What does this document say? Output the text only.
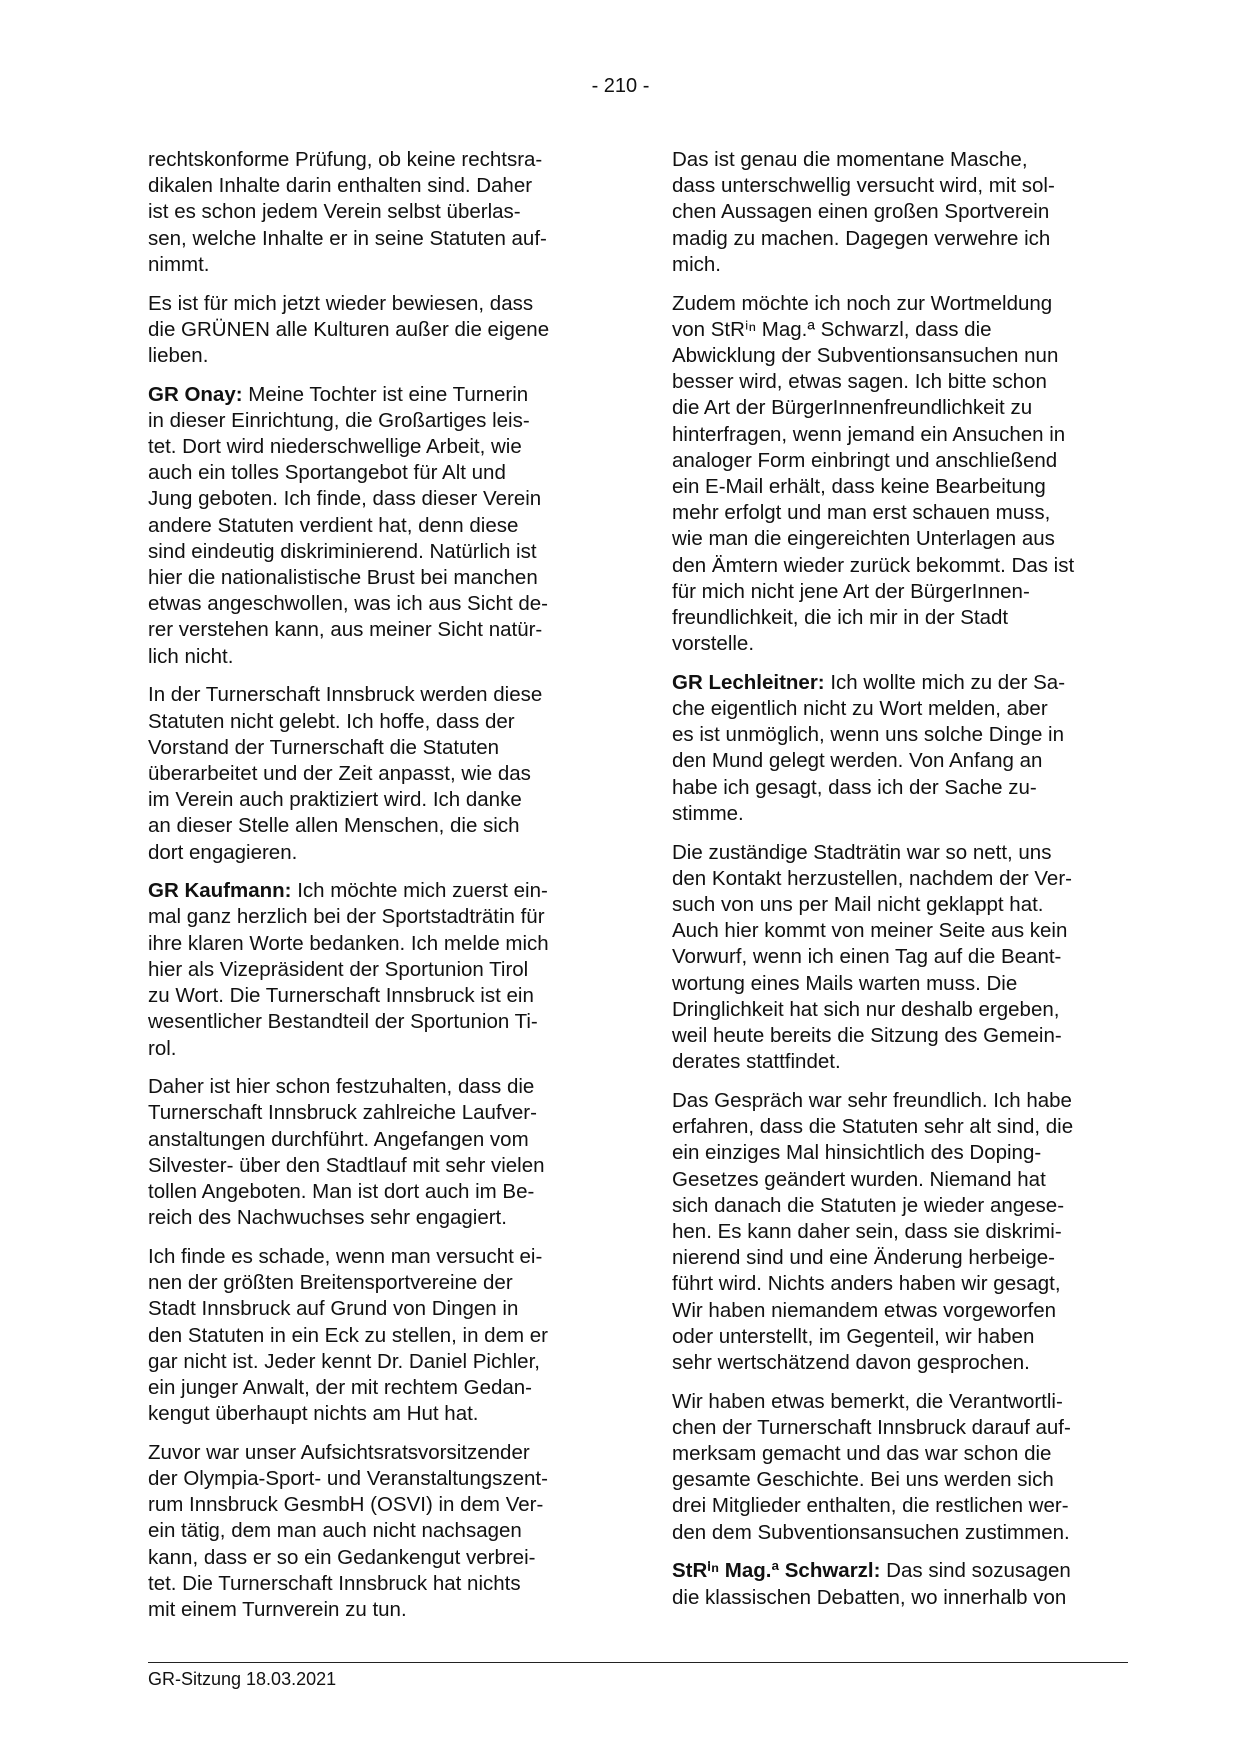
- 210 -

rechtskonforme Prüfung, ob keine rechtsra-
dikalen Inhalte darin enthalten sind. Daher
ist es schon jedem Verein selbst überlas-
sen, welche Inhalte er in seine Statuten auf-
nimmt.

Es ist für mich jetzt wieder bewiesen, dass
die GRÜNEN alle Kulturen außer die eigene
lieben.

GR Onay: Meine Tochter ist eine Turnerin
in dieser Einrichtung, die Großartiges leis-
tet. Dort wird niederschwellige Arbeit, wie
auch ein tolles Sportangebot für Alt und
Jung geboten. Ich finde, dass dieser Verein
andere Statuten verdient hat, denn diese
sind eindeutig diskriminierend. Natürlich ist
hier die nationalistische Brust bei manchen
etwas angeschwollen, was ich aus Sicht de-
rer verstehen kann, aus meiner Sicht natür-
lich nicht.

In der Turnerschaft Innsbruck werden diese
Statuten nicht gelebt. Ich hoffe, dass der
Vorstand der Turnerschaft die Statuten
überarbeitet und der Zeit anpasst, wie das
im Verein auch praktiziert wird. Ich danke
an dieser Stelle allen Menschen, die sich
dort engagieren.

GR Kaufmann: Ich möchte mich zuerst ein-
mal ganz herzlich bei der Sportstadträtin für
ihre klaren Worte bedanken. Ich melde mich
hier als Vizepräsident der Sportunion Tirol
zu Wort. Die Turnerschaft Innsbruck ist ein
wesentlicher Bestandteil der Sportunion Ti-
rol.

Daher ist hier schon festzuhalten, dass die
Turnerschaft Innsbruck zahlreiche Laufver-
anstaltungen durchführt. Angefangen vom
Silvester- über den Stadtlauf mit sehr vielen
tollen Angeboten. Man ist dort auch im Be-
reich des Nachwuchses sehr engagiert.

Ich finde es schade, wenn man versucht ei-
nen der größten Breitensportvereine der
Stadt Innsbruck auf Grund von Dingen in
den Statuten in ein Eck zu stellen, in dem er
gar nicht ist. Jeder kennt Dr. Daniel Pichler,
ein junger Anwalt, der mit rechtem Gedan-
kengut überhaupt nichts am Hut hat.

Zuvor war unser Aufsichtsratsvorsitzender
der Olympia-Sport- und Veranstaltungszent-
rum Innsbruck GesmbH (OSVI) in dem Ver-
ein tätig, dem man auch nicht nachsagen
kann, dass er so ein Gedankengut verbrei-
tet. Die Turnerschaft Innsbruck hat nichts
mit einem Turnverein zu tun.

Das ist genau die momentane Masche,
dass unterschwellig versucht wird, mit sol-
chen Aussagen einen großen Sportverein
madig zu machen. Dagegen verwehre ich
mich.

Zudem möchte ich noch zur Wortmeldung
von StRⁱⁿ Mag.ª Schwarzl, dass die
Abwicklung der Subventionsansuchen nun
besser wird, etwas sagen. Ich bitte schon
die Art der BürgerInnenfreundlichkeit zu
hinterfragen, wenn jemand ein Ansuchen in
analoger Form einbringt und anschließend
ein E-Mail erhält, dass keine Bearbeitung
mehr erfolgt und man erst schauen muss,
wie man die eingereichten Unterlagen aus
den Ämtern wieder zurück bekommt. Das ist
für mich nicht jene Art der BürgerInnen-
freundlichkeit, die ich mir in der Stadt
vorstelle.

GR Lechleitner: Ich wollte mich zu der Sa-
che eigentlich nicht zu Wort melden, aber
es ist unmöglich, wenn uns solche Dinge in
den Mund gelegt werden. Von Anfang an
habe ich gesagt, dass ich der Sache zu-
stimme.

Die zuständige Stadträtin war so nett, uns
den Kontakt herzustellen, nachdem der Ver-
such von uns per Mail nicht geklappt hat.
Auch hier kommt von meiner Seite aus kein
Vorwurf, wenn ich einen Tag auf die Beant-
wortung eines Mails warten muss. Die
Dringlichkeit hat sich nur deshalb ergeben,
weil heute bereits die Sitzung des Gemein-
derates stattfindet.

Das Gespräch war sehr freundlich. Ich habe
erfahren, dass die Statuten sehr alt sind, die
ein einziges Mal hinsichtlich des Doping-
Gesetzes geändert wurden. Niemand hat
sich danach die Statuten je wieder angese-
hen. Es kann daher sein, dass sie diskrimi-
nierend sind und eine Änderung herbeige-
führt wird. Nichts anders haben wir gesagt,
Wir haben niemandem etwas vorgeworfen
oder unterstellt, im Gegenteil, wir haben
sehr wertschätzend davon gesprochen.

Wir haben etwas bemerkt, die Verantwortli-
chen der Turnerschaft Innsbruck darauf auf-
merksam gemacht und das war schon die
gesamte Geschichte. Bei uns werden sich
drei Mitglieder enthalten, die restlichen wer-
den dem Subventionsansuchen zustimmen.

StRⁱⁿ Mag.ª Schwarzl: Das sind sozusagen
die klassischen Debatten, wo innerhalb von

GR-Sitzung 18.03.2021
